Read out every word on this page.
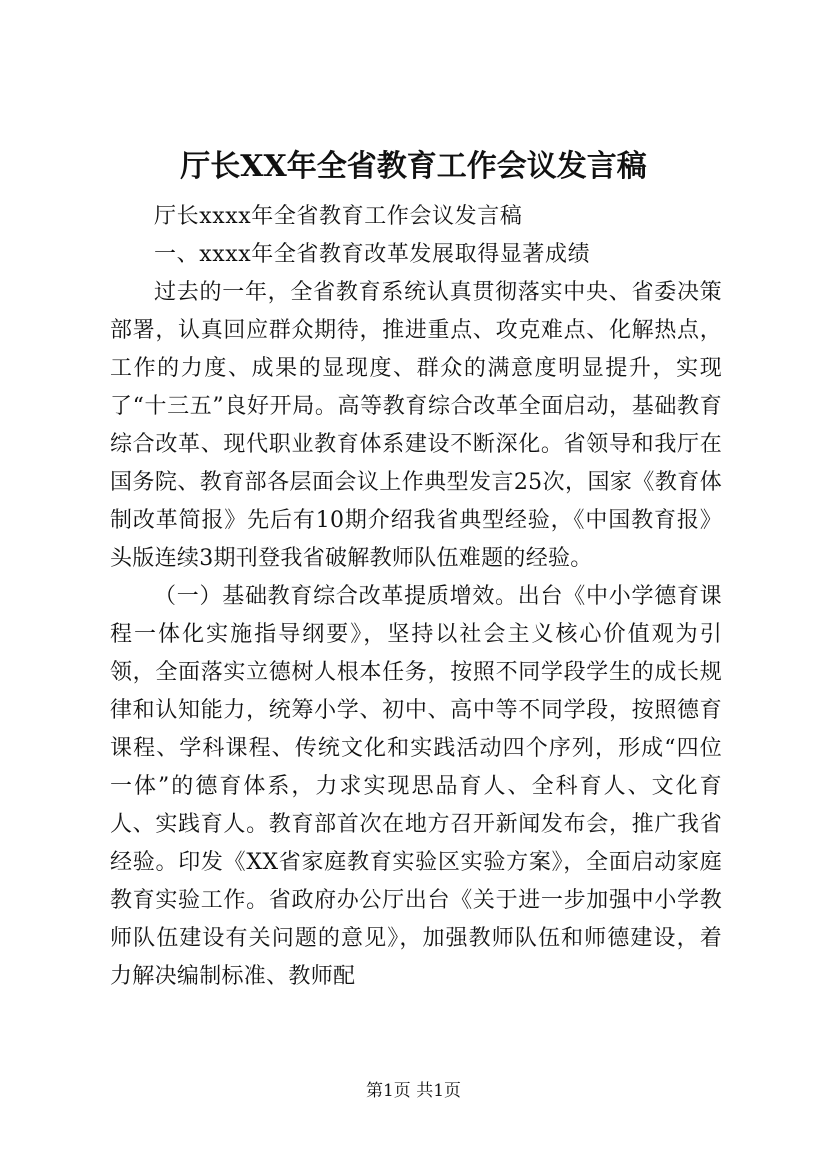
厅长XX年全省教育工作会议发言稿

厅长xxxx年全省教育工作会议发言稿

一、xxxx年全省教育改革发展取得显著成绩

过去的一年，全省教育系统认真贯彻落实中央、省委决策部署，认真回应群众期待，推进重点、攻克难点、化解热点，工作的力度、成果的显现度、群众的满意度明显提升，实现了“十三五”良好开局。高等教育综合改革全面启动，基础教育综合改革、现代职业教育体系建设不断深化。省领导和我厅在国务院、教育部各层面会议上作典型发言25次，国家《教育体制改革简报》先后有10期介绍我省典型经验，《中国教育报》头版连续3期刊登我省破解教师队伍难题的经验。

（一）基础教育综合改革提质增效。出台《中小学德育课程一体化实施指导纲要》，坚持以社会主义核心价值观为引领，全面落实立德树人根本任务，按照不同学段学生的成长规律和认知能力，统筹小学、初中、高中等不同学段，按照德育课程、学科课程、传统文化和实践活动四个序列，形成“四位一体”的德育体系，力求实现思品育人、全科育人、文化育人、实践育人。教育部首次在地方召开新闻发布会，推广我省经验。印发《XX省家庭教育实验区实验方案》，全面启动家庭教育实验工作。省政府办公厅出台《关于进一步加强中小学教师队伍建设有关问题的意见》，加强教师队伍和师德建设，着力解决编制标准、教师配

第1页 共1页
